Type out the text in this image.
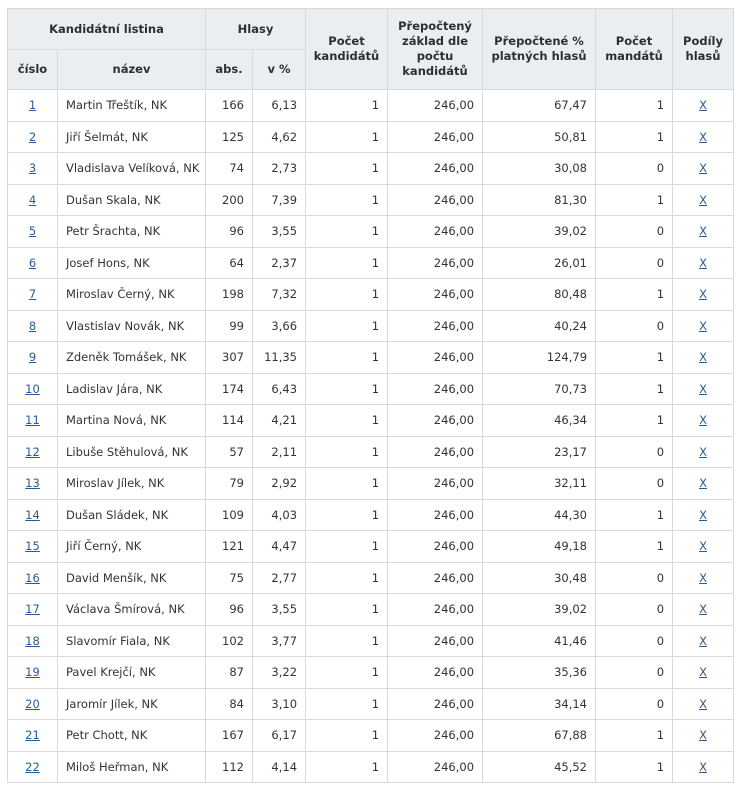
Kandidátní listina		Hlasy		Počet kandidátů	Přepočtený základ dle počtu kandidátů	Přepočtené % platných hlasů	Počet mandátů	Podíly hlasů
číslo	název	abs.	v %					
1	Martin Třeštík, NK	166	6,13	1	246,00	67,47	1	X
2	Jiří Šelmát, NK	125	4,62	1	246,00	50,81	1	X
3	Vladislava Velíková, NK	74	2,73	1	246,00	30,08	0	X
4	Dušan Skala, NK	200	7,39	1	246,00	81,30	1	X
5	Petr Šrachta, NK	96	3,55	1	246,00	39,02	0	X
6	Josef Hons, NK	64	2,37	1	246,00	26,01	0	X
7	Miroslav Černý, NK	198	7,32	1	246,00	80,48	1	X
8	Vlastislav Novák, NK	99	3,66	1	246,00	40,24	0	X
9	Zdeněk Tomášek, NK	307	11,35	1	246,00	124,79	1	X
10	Ladislav Jára, NK	174	6,43	1	246,00	70,73	1	X
11	Martina Nová, NK	114	4,21	1	246,00	46,34	1	X
12	Libuše Stěhulová, NK	57	2,11	1	246,00	23,17	0	X
13	Miroslav Jílek, NK	79	2,92	1	246,00	32,11	0	X
14	Dušan Sládek, NK	109	4,03	1	246,00	44,30	1	X
15	Jiří Černý, NK	121	4,47	1	246,00	49,18	1	X
16	David Menšík, NK	75	2,77	1	246,00	30,48	0	X
17	Václava Šmírová, NK	96	3,55	1	246,00	39,02	0	X
18	Slavomír Fiala, NK	102	3,77	1	246,00	41,46	0	X
19	Pavel Krejčí, NK	87	3,22	1	246,00	35,36	0	X
20	Jaromír Jílek, NK	84	3,10	1	246,00	34,14	0	X
21	Petr Chott, NK	167	6,17	1	246,00	67,88	1	X
22	Miloš Heřman, NK	112	4,14	1	246,00	45,52	1	X
